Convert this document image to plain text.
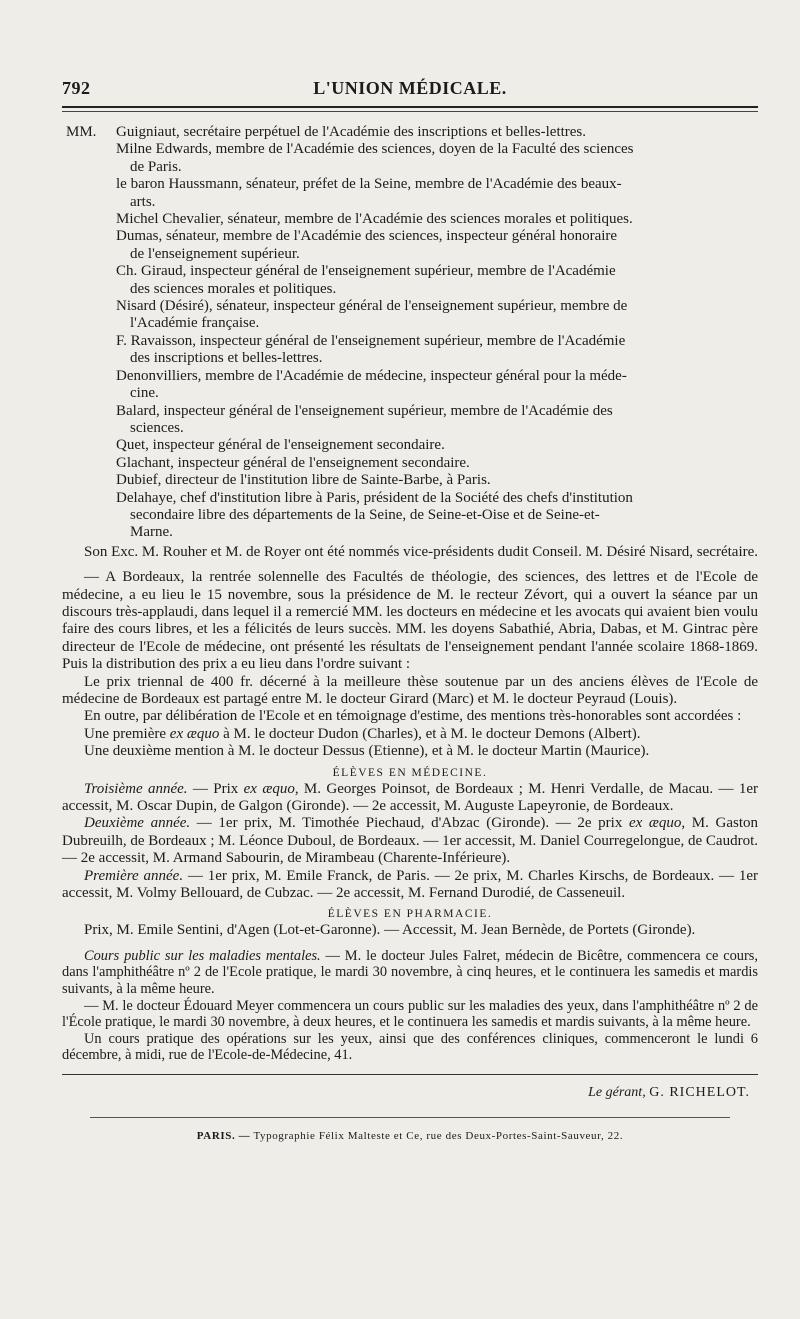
792	L'UNION MÉDICALE.
MM. Guigniaut, secrétaire perpétuel de l'Académie des inscriptions et belles-lettres.
Milne Edwards, membre de l'Académie des sciences, doyen de la Faculté des sciences
de Paris.
le baron Haussmann, sénateur, préfet de la Seine, membre de l'Académie des beaux-
arts.
Michel Chevalier, sénateur, membre de l'Académie des sciences morales et politiques.
Dumas, sénateur, membre de l'Académie des sciences, inspecteur général honoraire
de l'enseignement supérieur.
Ch. Giraud, inspecteur général de l'enseignement supérieur, membre de l'Académie
des sciences morales et politiques.
Nisard (Désiré), sénateur, inspecteur général de l'enseignement supérieur, membre de
l'Académie française.
F. Ravaisson, inspecteur général de l'enseignement supérieur, membre de l'Académie
des inscriptions et belles-lettres.
Denonvilliers, membre de l'Académie de médecine, inspecteur général pour la méde-
cine.
Balard, inspecteur général de l'enseignement supérieur, membre de l'Académie des
sciences.
Quet, inspecteur général de l'enseignement secondaire.
Glachant, inspecteur général de l'enseignement secondaire.
Dubief, directeur de l'institution libre de Sainte-Barbe, à Paris.
Delahaye, chef d'institution libre à Paris, président de la Société des chefs d'institution
secondaire libre des départements de la Seine, de Seine-et-Oise et de Seine-et-
Marne.

Son Exc. M. Rouher et M. de Royer ont été nommés vice-présidents dudit Conseil. M. Désiré Nisard, secrétaire.

— A Bordeaux, la rentrée solennelle des Facultés de théologie, des sciences, des lettres et de l'Ecole de médecine, a eu lieu le 15 novembre, sous la présidence de M. le recteur Zévort, qui a ouvert la séance par un discours très-applaudi, dans lequel il a remercié MM. les docteurs en médecine et les avocats qui avaient bien voulu faire des cours libres, et les a félicités de leurs succès. MM. les doyens Sabathié, Abria, Dabas, et M. Gintrac père directeur de l'Ecole de médecine, ont présenté les résultats de l'enseignement pendant l'année scolaire 1868-1869. Puis la distribution des prix a eu lieu dans l'ordre suivant :

Le prix triennal de 400 fr. décerné à la meilleure thèse soutenue par un des anciens élèves de l'Ecole de médecine de Bordeaux est partagé entre M. le docteur Girard (Marc) et M. le docteur Peyraud (Louis).

En outre, par délibération de l'Ecole et en témoignage d'estime, des mentions très-honorables sont accordées :

Une première ex æquo à M. le docteur Dudon (Charles), et à M. le docteur Demons (Albert).

Une deuxième mention à M. le docteur Dessus (Etienne), et à M. le docteur Martin (Maurice).

ÉLÈVES EN MÉDECINE.

Troisième année. — Prix ex æquo, M. Georges Poinsot, de Bordeaux ; M. Henri Verdalle, de Macau. — 1er accessit, M. Oscar Dupin, de Galgon (Gironde). — 2e accessit, M. Auguste Lapeyronie, de Bordeaux.

Deuxième année. — 1er prix, M. Timothée Piechaud, d'Abzac (Gironde). — 2e prix ex æquo, M. Gaston Dubreuilh, de Bordeaux ; M. Léonce Duboul, de Bordeaux. — 1er accessit, M. Daniel Courregelongue, de Caudrot. — 2e accessit, M. Armand Sabourin, de Mirambeau (Charente-Inférieure).

Première année. — 1er prix, M. Emile Franck, de Paris. — 2e prix, M. Charles Kirschs, de Bordeaux. — 1er accessit, M. Volmy Bellouard, de Cubzac. — 2e accessit, M. Fernand Durodié, de Casseneuil.

ÉLÈVES EN PHARMACIE.

Prix, M. Emile Sentini, d'Agen (Lot-et-Garonne). — Accessit, M. Jean Bernède, de Portets (Gironde).

Cours public sur les maladies mentales. — M. le docteur Jules Falret, médecin de Bicêtre, commencera ce cours, dans l'amphithéâtre nº 2 de l'Ecole pratique, le mardi 30 novembre, à cinq heures, et le continuera les samedis et mardis suivants, à la même heure.

— M. le docteur Édouard Meyer commencera un cours public sur les maladies des yeux, dans l'amphithéâtre nº 2 de l'École pratique, le mardi 30 novembre, à deux heures, et le continuera les samedis et mardis suivants, à la même heure.

Un cours pratique des opérations sur les yeux, ainsi que des conférences cliniques, commenceront le lundi 6 décembre, à midi, rue de l'Ecole-de-Médecine, 41.

Le gérant, G. RICHELOT.
PARIS. — Typographie Félix Malteste et Ce, rue des Deux-Portes-Saint-Sauveur, 22.
